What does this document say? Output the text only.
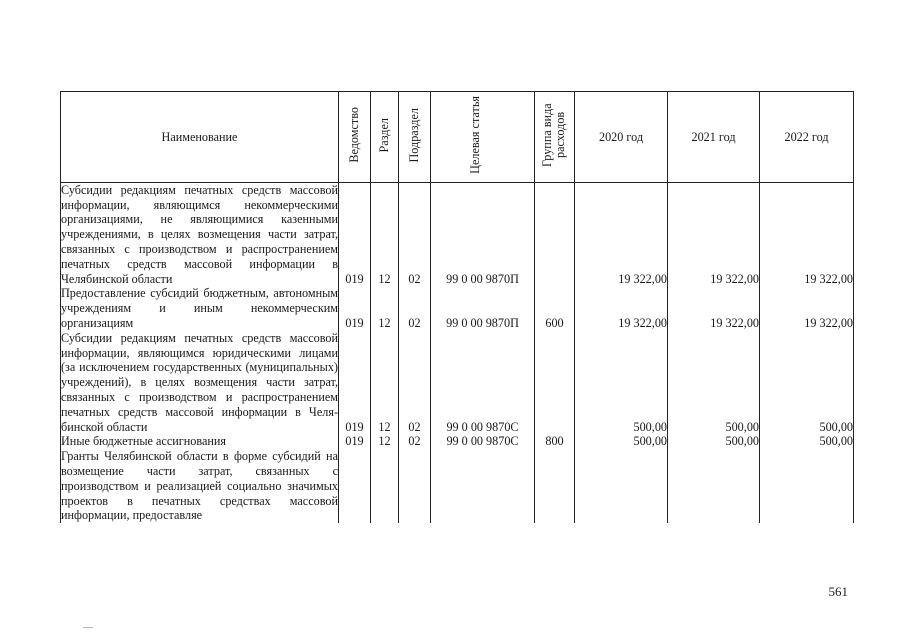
Наименование	Ведомство	Раздел	Подраздел	Целевая статья	Группа вида расходов	2020 год	2021 год	2022 год
Субсидии редакциям печатных средств массовой информации, являющимся некоммерческими организациями, не являющимися казенными учреждениями, в целях возмещения части затрат, связанных с производством и распространением печатных средств массовой информации в Челябинской области	019	12	02	99 0 00 9870П		19 322,00	19 322,00	19 322,00
Предоставление субсидий бюджетным, автономным учреждениям и иным некоммерческим организациям	019	12	02	99 0 00 9870П	600	19 322,00	19 322,00	19 322,00
Субсидии редакциям печатных средств массовой информации, являющимся юридическими лицами (за исключением государственных (муниципальных) учреждений), в целях возмещения части затрат, связанных с производством и распространением печатных средств массовой информации в Челябинской области	019	12	02	99 0 00 9870С		500,00	500,00	500,00
Иные бюджетные ассигнования	019	12	02	99 0 00 9870С	800	500,00	500,00	500,00
Гранты Челябинской области в форме субсидий на возмещение части затрат, связанных с производством и реализацией социально значимых проектов в печатных средствах массовой информации, предоставляе								
561
